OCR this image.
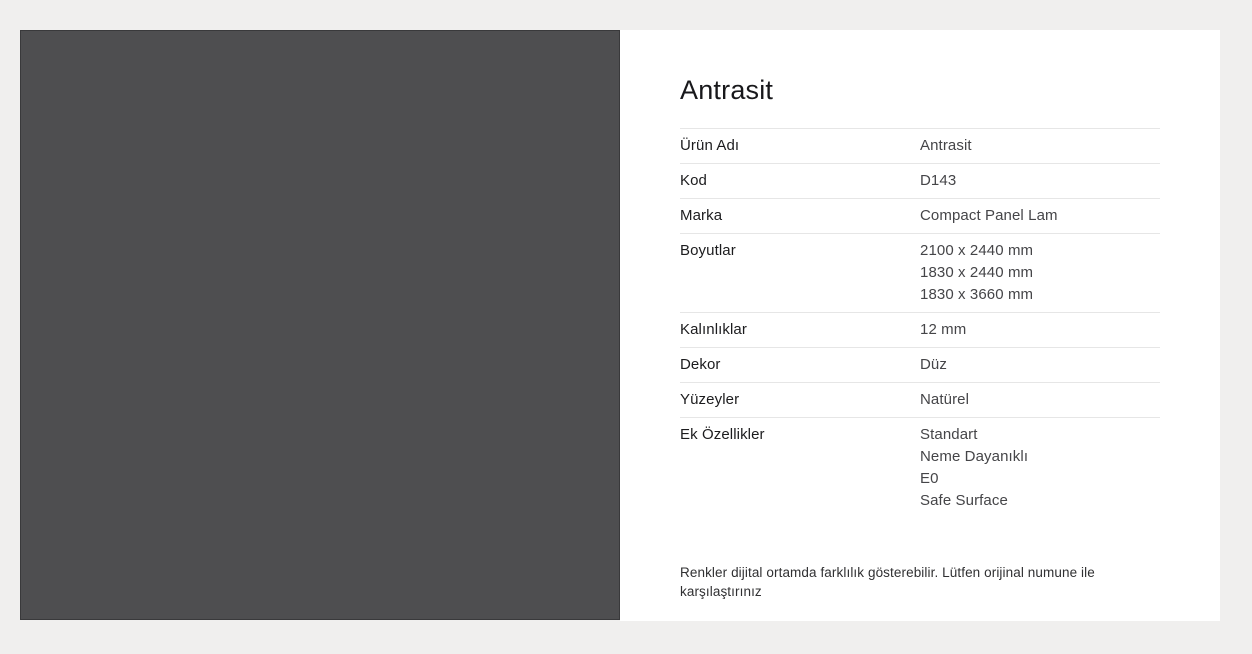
Antrasit
Ürün Adı	Antrasit
Kod	D143
Marka	Compact Panel Lam
Boyutlar	2100 x 2440 mm
1830 x 2440 mm
1830 x 3660 mm
Kalınlıklar	12 mm
Dekor	Düz
Yüzeyler	Natürel
Ek Özellikler	Standart
Neme Dayanıklı
E0
Safe Surface

Renkler dijital ortamda farklılık gösterebilir. Lütfen orijinal numune ile karşılaştırınız
